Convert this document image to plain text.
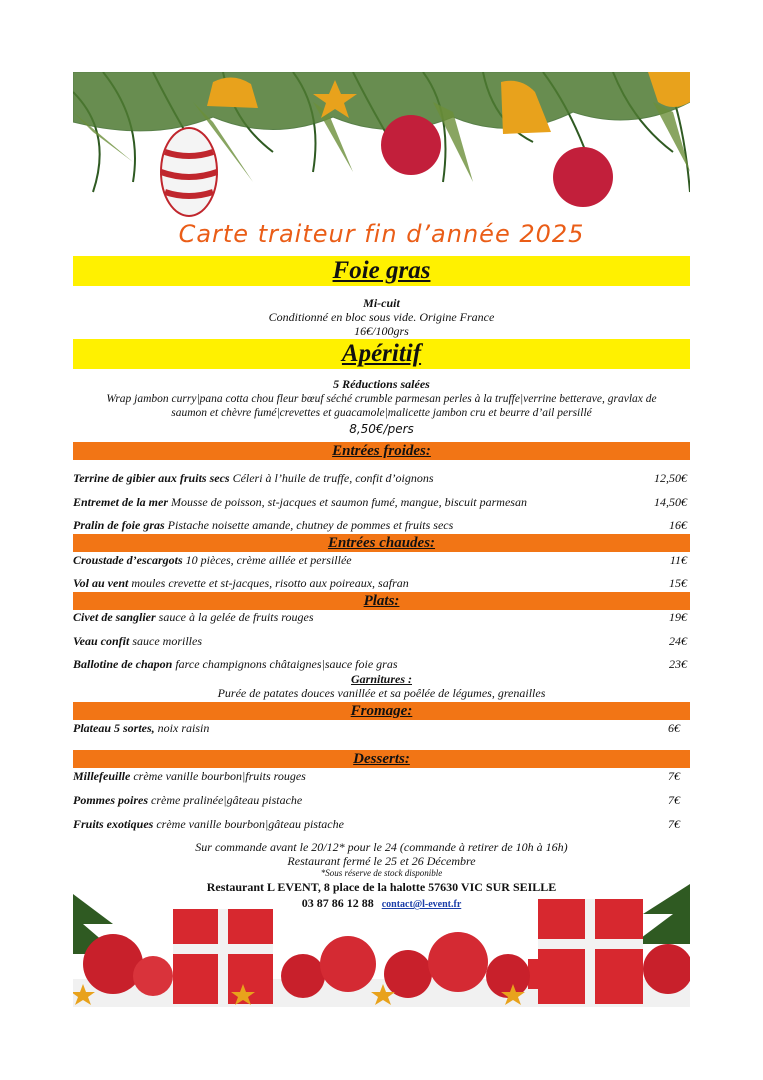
Carte traiteur fin d’année 2025
Foie gras
Mi-cuit
Conditionné en bloc sous vide. Origine France
16€/100grs
Apéritif
5 Réductions salées
Wrap jambon curry|pana cotta chou fleur bœuf séché crumble parmesan perles à la truffe|verrine betterave, gravlax de
saumon et chèvre fumé|crevettes et guacamole|malicette jambon cru et beurre d’ail persillé
8,50€/pers
Entrées froides:
Terrine de gibier aux fruits secs Céleri à l’huile de truffe, confit d’oignons	12,50€
Entremet de la mer Mousse de poisson, st-jacques et saumon fumé, mangue, biscuit parmesan	14,50€
Pralin de foie gras Pistache noisette amande, chutney de pommes et fruits secs	16€
Entrées chaudes:
Croustade d’escargots 10 pièces, crème aillée et persillée	11€
Vol au vent moules crevette et st-jacques, risotto aux poireaux, safran	15€
Plats:
Civet de sanglier sauce à la gelée de fruits rouges	19€
Veau confit sauce morilles	24€
Ballotine de chapon farce champignons châtaignes|sauce foie gras	23€
Garnitures :
Purée de patates douces vanillée et sa poêlée de légumes, grenailles
Fromage:
Plateau 5 sortes, noix raisin	6€
Desserts:
Millefeuille crème vanille bourbon|fruits rouges	7€
Pommes poires crème pralinée|gâteau pistache	7€
Fruits exotiques crème vanille bourbon|gâteau pistache	7€
Sur commande avant le 20/12* pour le 24 (commande à retirer de 10h à 16h)
Restaurant fermé le 25 et 26 Décembre
*Sous réserve de stock disponible
Restaurant L EVENT, 8 place de la halotte 57630 VIC SUR SEILLE
03 87 86 12 88 contact@l-event.fr
